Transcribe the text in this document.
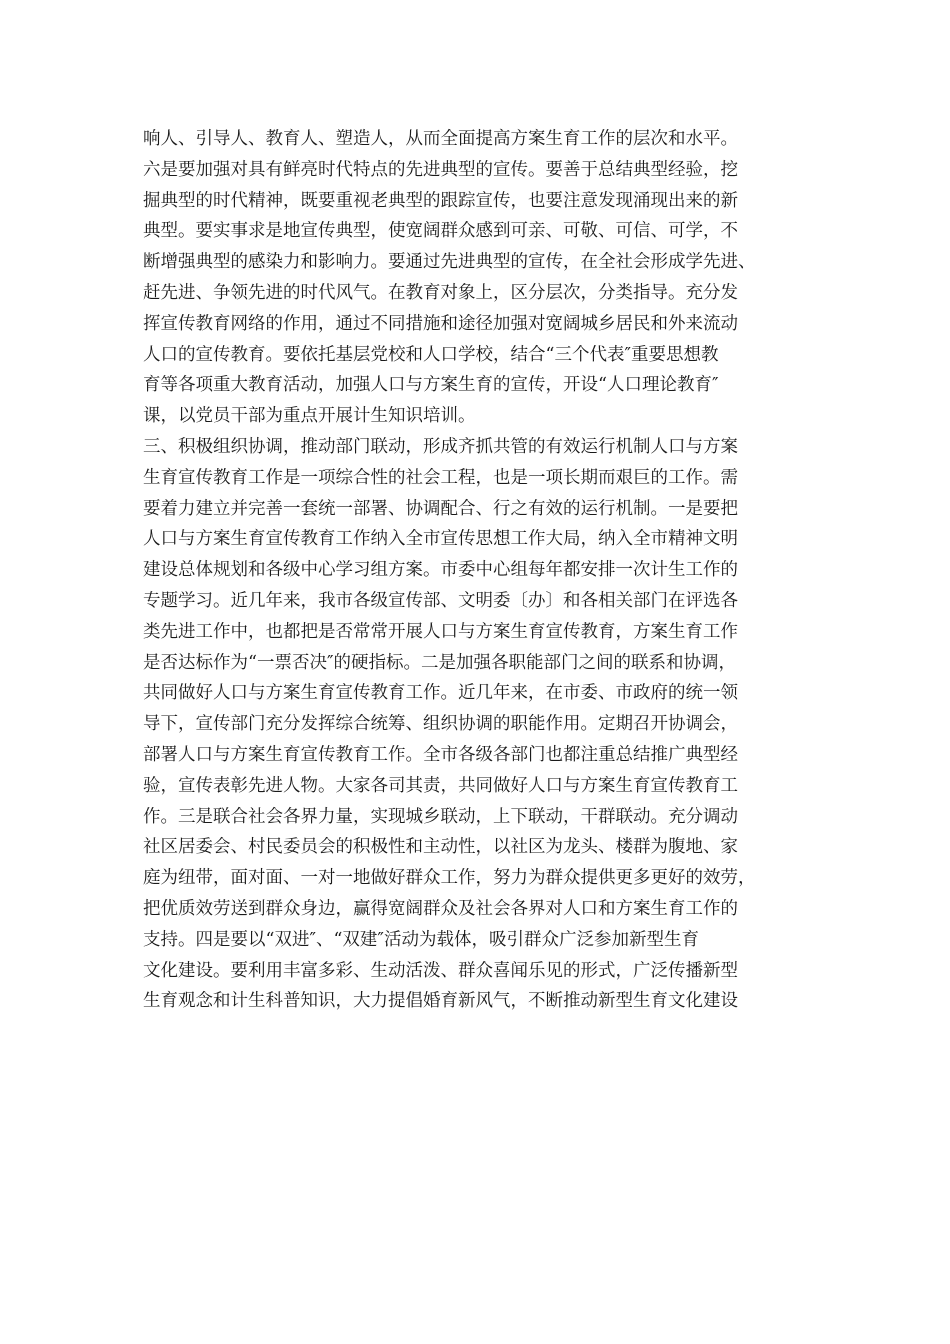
响人、引导人、教育人、塑造人，从而全面提高方案生育工作的层次和水平。
六是要加强对具有鲜亮时代特点的先进典型的宣传。要善于总结典型经验，挖
掘典型的时代精神，既要重视老典型的跟踪宣传，也要注意发现涌现出来的新
典型。要实事求是地宣传典型，使宽阔群众感到可亲、可敬、可信、可学，不
断增强典型的感染力和影响力。要通过先进典型的宣传，在全社会形成学先进、
赶先进、争领先进的时代风气。在教育对象上，区分层次，分类指导。充分发
挥宣传教育网络的作用，通过不同措施和途径加强对宽阔城乡居民和外来流动
人口的宣传教育。要依托基层党校和人口学校，结合“三个代表″重要思想教
育等各项重大教育活动，加强人口与方案生育的宣传，开设“人口理论教育″
课，以党员干部为重点开展计生知识培训。
三、积极组织协调，推动部门联动，形成齐抓共管的有效运行机制人口与方案
生育宣传教育工作是一项综合性的社会工程，也是一项长期而艰巨的工作。需
要着力建立并完善一套统一部署、协调配合、行之有效的运行机制。一是要把
人口与方案生育宣传教育工作纳入全市宣传思想工作大局，纳入全市精神文明
建设总体规划和各级中心学习组方案。市委中心组每年都安排一次计生工作的
专题学习。近几年来，我市各级宣传部、文明委〔办〕和各相关部门在评选各
类先进工作中，也都把是否常常开展人口与方案生育宣传教育，方案生育工作
是否达标作为“一票否决″的硬指标。二是加强各职能部门之间的联系和协调，
共同做好人口与方案生育宣传教育工作。近几年来，在市委、市政府的统一领
导下，宣传部门充分发挥综合统筹、组织协调的职能作用。定期召开协调会，
部署人口与方案生育宣传教育工作。全市各级各部门也都注重总结推广典型经
验，宣传表彰先进人物。大家各司其责，共同做好人口与方案生育宣传教育工
作。三是联合社会各界力量，实现城乡联动，上下联动，干群联动。充分调动
社区居委会、村民委员会的积极性和主动性，以社区为龙头、楼群为腹地、家
庭为纽带，面对面、一对一地做好群众工作，努力为群众提供更多更好的效劳，
把优质效劳送到群众身边，赢得宽阔群众及社会各界对人口和方案生育工作的
支持。四是要以“双进″、“双建″活动为载体，吸引群众广泛参加新型生育
文化建设。要利用丰富多彩、生动活泼、群众喜闻乐见的形式，广泛传播新型
生育观念和计生科普知识，大力提倡婚育新风气，不断推动新型生育文化建设
